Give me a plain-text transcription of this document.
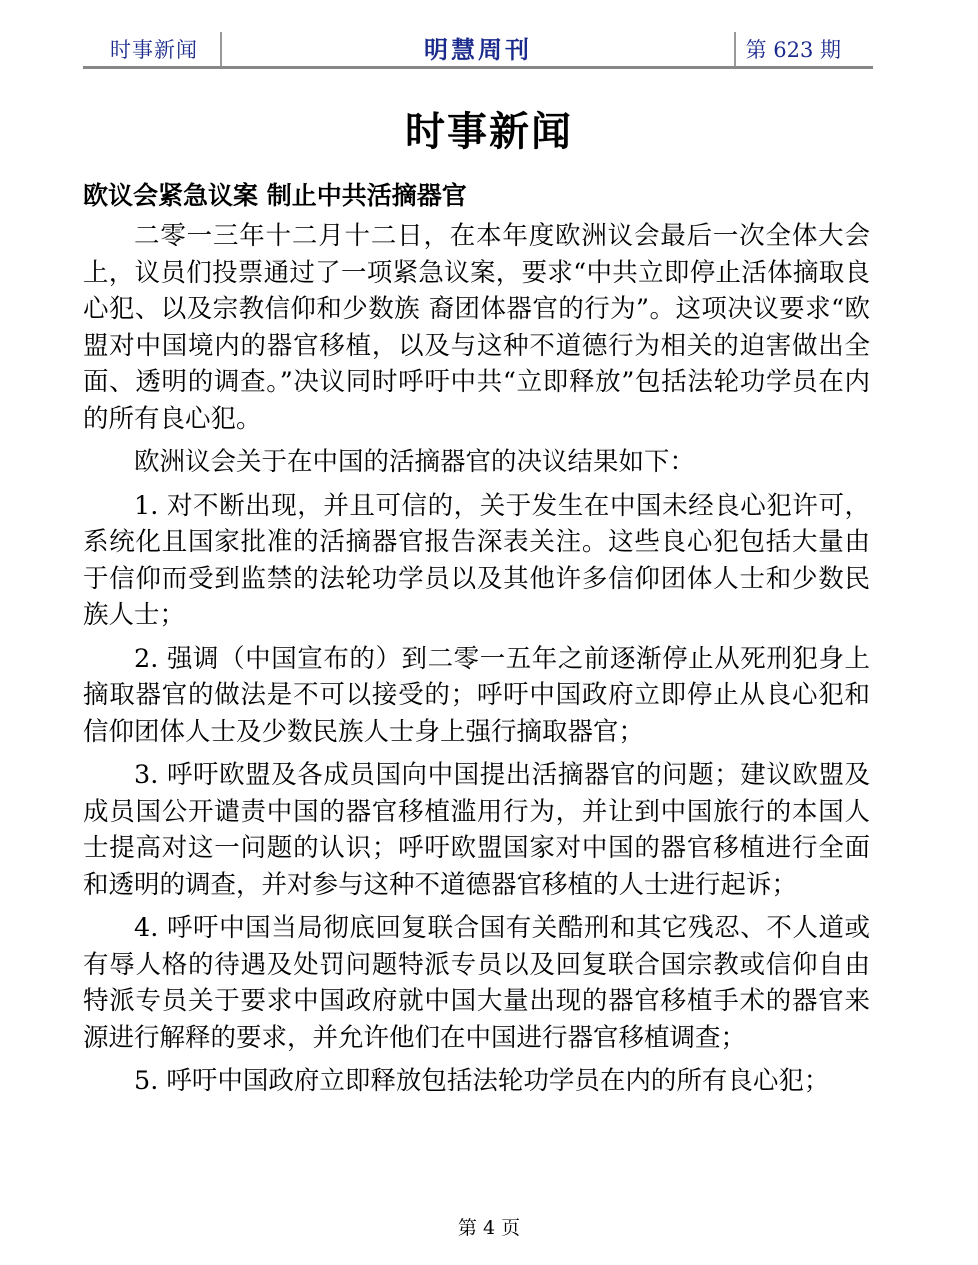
时事新闻	明慧周刊	第 623 期
时事新闻
欧议会紧急议案 制止中共活摘器官

二零一三年十二月十二日，在本年度欧洲议会最后一次全体大会上，议员们投票通过了一项紧急议案，要求“中共立即停止活体摘取良心犯、以及宗教信仰和少数族 裔团体器官的行为”。这项决议要求“欧盟对中国境内的器官移植，以及与这种不道德行为相关的迫害做出全面、透明的调查。”决议同时呼吁中共“立即释放”包括法轮功学员在内的所有良心犯。

欧洲议会关于在中国的活摘器官的决议结果如下：

1. 对不断出现，并且可信的，关于发生在中国未经良心犯许可，系统化且国家批准的活摘器官报告深表关注。这些良心犯包括大量由于信仰而受到监禁的法轮功学员以及其他许多信仰团体人士和少数民族人士；

2. 强调（中国宣布的）到二零一五年之前逐渐停止从死刑犯身上摘取器官的做法是不可以接受的；呼吁中国政府立即停止从良心犯和信仰团体人士及少数民族人士身上强行摘取器官；

3. 呼吁欧盟及各成员国向中国提出活摘器官的问题；建议欧盟及成员国公开谴责中国的器官移植滥用行为，并让到中国旅行的本国人士提高对这一问题的认识；呼吁欧盟国家对中国的器官移植进行全面和透明的调查，并对参与这种不道德器官移植的人士进行起诉；

4. 呼吁中国当局彻底回复联合国有关酷刑和其它残忍、不人道或有辱人格的待遇及处罚问题特派专员以及回复联合国宗教或信仰自由特派专员关于要求中国政府就中国大量出现的器官移植手术的器官来源进行解释的要求，并允许他们在中国进行器官移植调查；

5. 呼吁中国政府立即释放包括法轮功学员在内的所有良心犯；

第 4 页
